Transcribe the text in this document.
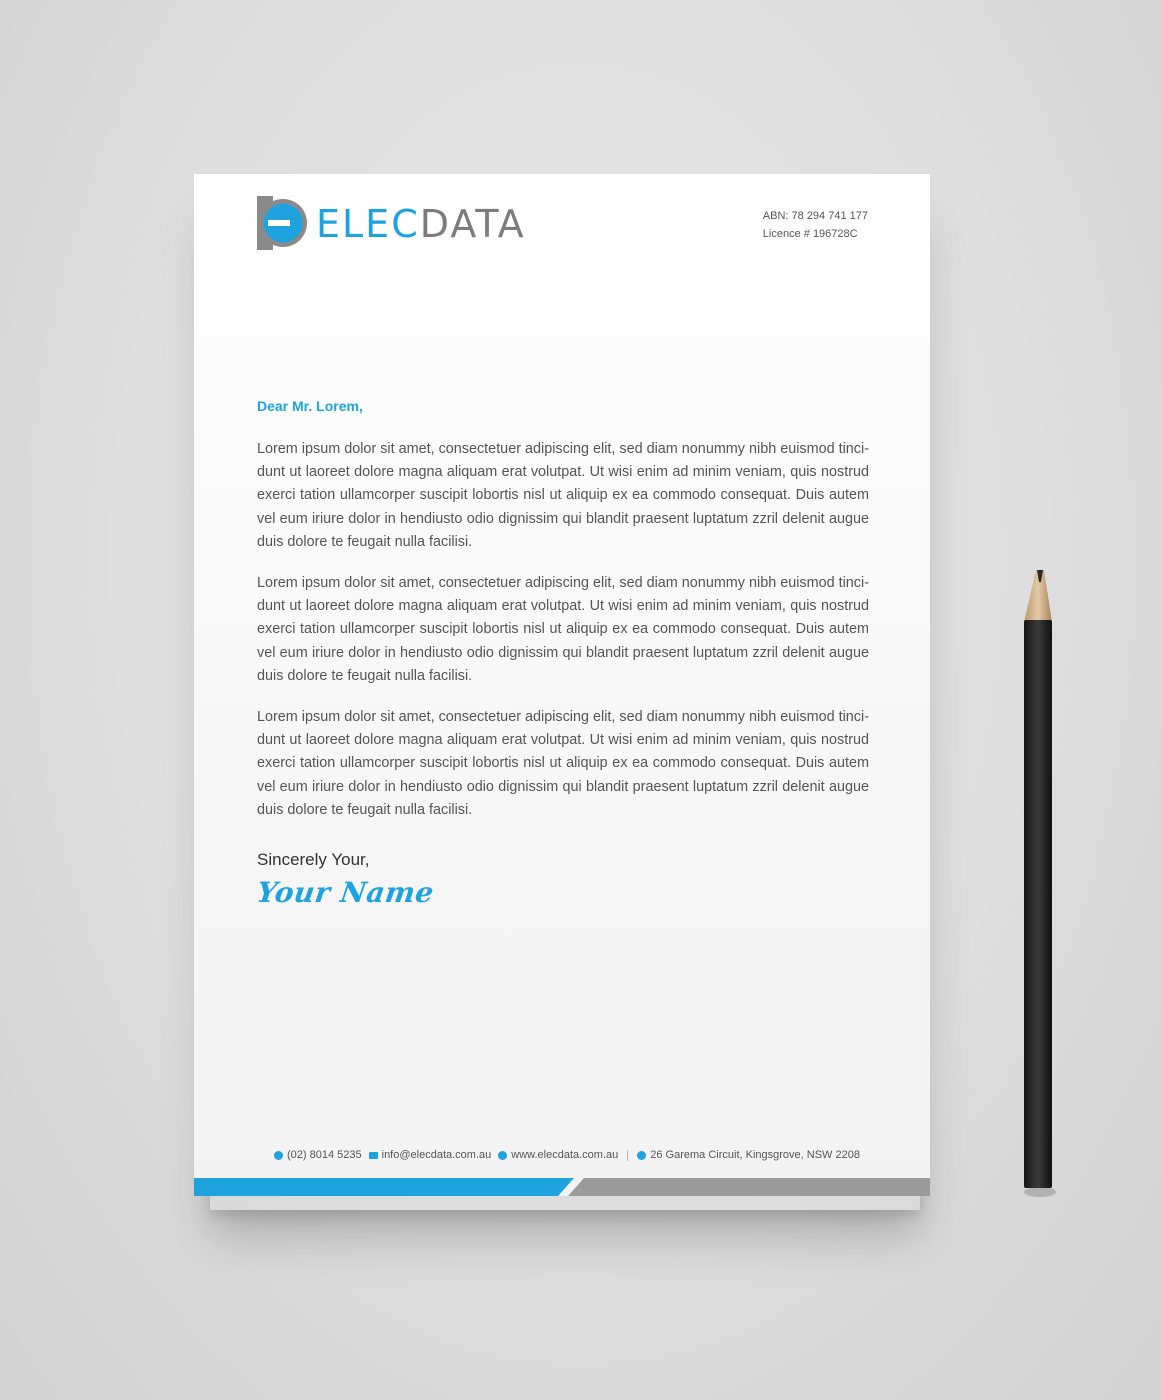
ELECDATA	ABN: 78 294 741 177
Licence # 196728C
Dear Mr. Lorem,

Lorem ipsum dolor sit amet, consectetuer adipiscing elit, sed diam nonummy nibh euismod tinci-dunt ut laoreet dolore magna aliquam erat volutpat. Ut wisi enim ad minim veniam, quis nostrud exerci tation ullamcorper suscipit lobortis nisl ut aliquip ex ea commodo consequat. Duis autem vel eum iriure dolor in hendiusto odio dignissim qui blandit praesent luptatum zzril delenit augue duis dolore te feugait nulla facilisi.

Lorem ipsum dolor sit amet, consectetuer adipiscing elit, sed diam nonummy nibh euismod tinci-dunt ut laoreet dolore magna aliquam erat volutpat. Ut wisi enim ad minim veniam, quis nostrud exerci tation ullamcorper suscipit lobortis nisl ut aliquip ex ea commodo consequat. Duis autem vel eum iriure dolor in hendiusto odio dignissim qui blandit praesent luptatum zzril delenit augue duis dolore te feugait nulla facilisi.

Lorem ipsum dolor sit amet, consectetuer adipiscing elit, sed diam nonummy nibh euismod tinci-dunt ut laoreet dolore magna aliquam erat volutpat. Ut wisi enim ad minim veniam, quis nostrud exerci tation ullamcorper suscipit lobortis nisl ut aliquip ex ea commodo consequat. Duis autem vel eum iriure dolor in hendiusto odio dignissim qui blandit praesent luptatum zzril delenit augue duis dolore te feugait nulla facilisi.

Sincerely Your,
Your Name
(02) 8014 5235 info@elecdata.com.au www.elecdata.com.au	26 Garema Circuit, Kingsgrove, NSW 2208
